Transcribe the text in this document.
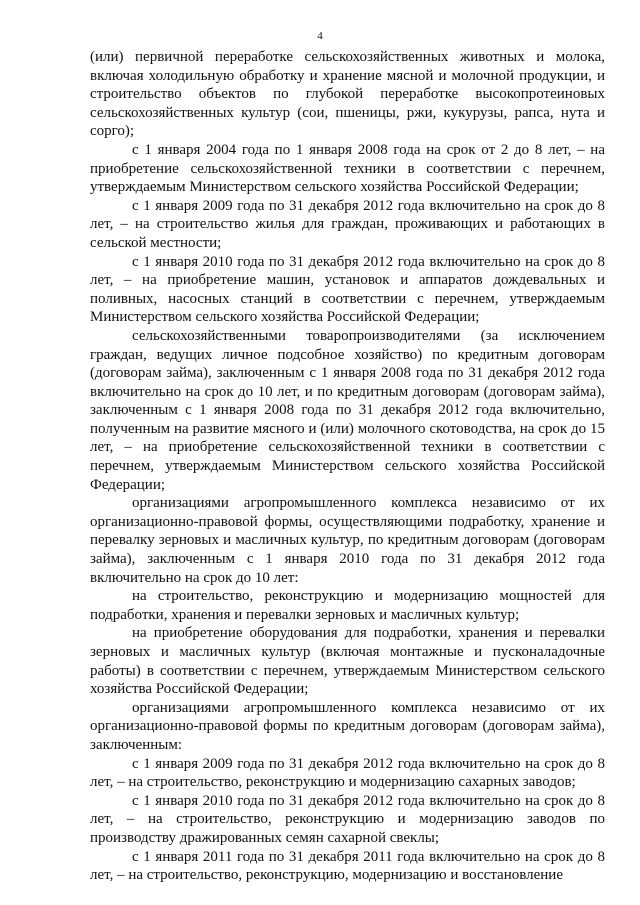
4

(или) первичной переработке сельскохозяйственных животных и молока, включая холодильную обработку и хранение мясной и молочной продукции, и строительство объектов по глубокой переработке высокопротеиновых сельскохозяйственных культур (сои, пшеницы, ржи, кукурузы, рапса, нута и сорго);

с 1 января 2004 года по 1 января 2008 года на срок от 2 до 8 лет, – на приобретение сельскохозяйственной техники в соответствии с перечнем, утверждаемым Министерством сельского хозяйства Российской Федерации;

с 1 января 2009 года по 31 декабря 2012 года включительно на срок до 8 лет, – на строительство жилья для граждан, проживающих и работающих в сельской местности;

с 1 января 2010 года по 31 декабря 2012 года включительно на срок до 8 лет, – на приобретение машин, установок и аппаратов дождевальных и поливных, насосных станций в соответствии с перечнем, утверждаемым Министерством сельского хозяйства Российской Федерации;

сельскохозяйственными товаропроизводителями (за исключением граждан, ведущих личное подсобное хозяйство) по кредитным договорам (договорам займа), заключенным с 1 января 2008 года по 31 декабря 2012 года включительно на срок до 10 лет, и по кредитным договорам (договорам займа), заключенным с 1 января 2008 года по 31 декабря 2012 года включительно, полученным на развитие мясного и (или) молочного скотоводства, на срок до 15 лет, – на приобретение сельскохозяйственной техники в соответствии с перечнем, утверждаемым Министерством сельского хозяйства Российской Федерации;

организациями агропромышленного комплекса независимо от их организационно-правовой формы, осуществляющими подработку, хранение и перевалку зерновых и масличных культур, по кредитным договорам (договорам займа), заключенным с 1 января 2010 года по 31 декабря 2012 года включительно на срок до 10 лет:

на строительство, реконструкцию и модернизацию мощностей для подработки, хранения и перевалки зерновых и масличных культур;

на приобретение оборудования для подработки, хранения и перевалки зерновых и масличных культур (включая монтажные и пусконаладочные работы) в соответствии с перечнем, утверждаемым Министерством сельского хозяйства Российской Федерации;

организациями агропромышленного комплекса независимо от их организационно-правовой формы по кредитным договорам (договорам займа), заключенным:

с 1 января 2009 года по 31 декабря 2012 года включительно на срок до 8 лет, – на строительство, реконструкцию и модернизацию сахарных заводов;

с 1 января 2010 года по 31 декабря 2012 года включительно на срок до 8 лет, – на строительство, реконструкцию и модернизацию заводов по производству дражированных семян сахарной свеклы;

с 1 января 2011 года по 31 декабря 2011 года включительно на срок до 8 лет, – на строительство, реконструкцию, модернизацию и восстановление
